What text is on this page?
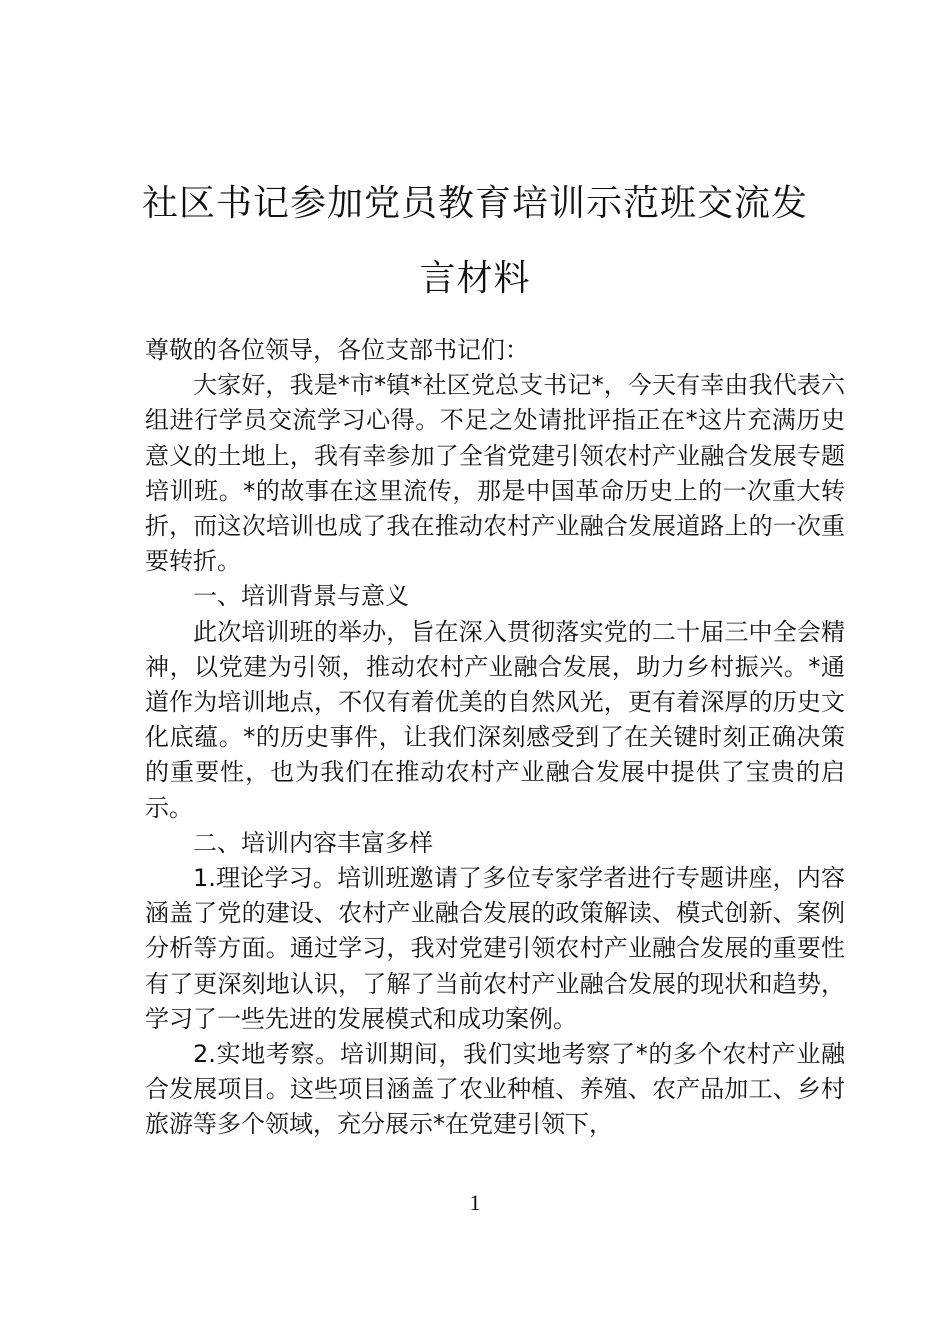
社区书记参加党员教育培训示范班交流发言材料

尊敬的各位领导，各位支部书记们：

大家好，我是*市*镇*社区党总支书记*，今天有幸由我代表六组进行学员交流学习心得。不足之处请批评指正在*这片充满历史意义的土地上，我有幸参加了全省党建引领农村产业融合发展专题培训班。*的故事在这里流传，那是中国革命历史上的一次重大转折，而这次培训也成了我在推动农村产业融合发展道路上的一次重要转折。

一、培训背景与意义

此次培训班的举办，旨在深入贯彻落实党的二十届三中全会精神，以党建为引领，推动农村产业融合发展，助力乡村振兴。*通道作为培训地点，不仅有着优美的自然风光，更有着深厚的历史文化底蕴。*的历史事件，让我们深刻感受到了在关键时刻正确决策的重要性，也为我们在推动农村产业融合发展中提供了宝贵的启示。

二、培训内容丰富多样

1.理论学习。培训班邀请了多位专家学者进行专题讲座，内容涵盖了党的建设、农村产业融合发展的政策解读、模式创新、案例分析等方面。通过学习，我对党建引领农村产业融合发展的重要性有了更深刻地认识，了解了当前农村产业融合发展的现状和趋势，学习了一些先进的发展模式和成功案例。

2.实地考察。培训期间，我们实地考察了*的多个农村产业融合发展项目。这些项目涵盖了农业种植、养殖、农产品加工、乡村旅游等多个领域，充分展示*在党建引领下，

1
